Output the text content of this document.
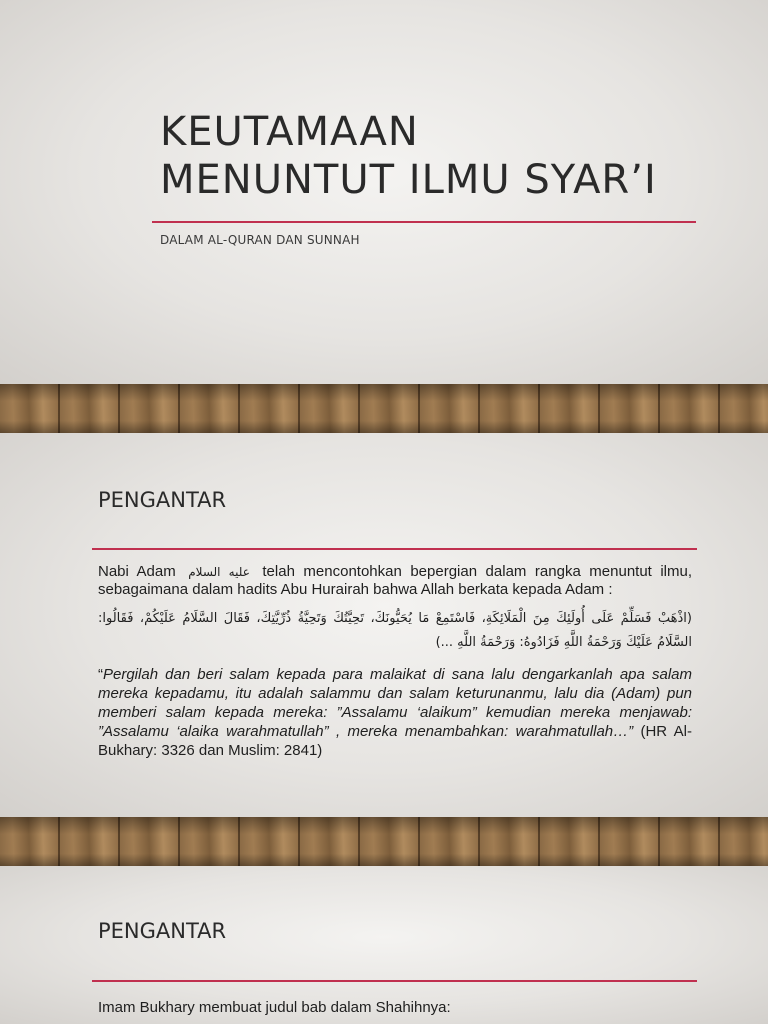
KEUTAMAAN
MENUNTUT ILMU SYAR’I
DALAM AL-QURAN DAN SUNNAH
PENGANTAR
Nabi Adam عليه السلام telah mencontohkan bepergian dalam rangka menuntut ilmu, sebagaimana dalam hadits Abu Hurairah bahwa Allah berkata kepada Adam :
(اذْهَبْ فَسَلِّمْ عَلَى أُولَئِكَ مِنَ الْمَلَائِكَةِ، فَاسْتَمِعْ مَا يُحَيُّونَكَ، تَحِيَّتُكَ وَتَحِيَّةُ ذُرِّيَّتِكَ، فَقَالَ السَّلَامُ عَلَيْكُمْ، فَقَالُوا: السَّلَامُ عَلَيْكَ وَرَحْمَةُ اللَّهِ فَزَادُوهُ: وَرَحْمَةُ اللَّهِ ...)
“Pergilah dan beri salam kepada para malaikat di sana lalu dengarkanlah apa salam mereka kepadamu, itu adalah salammu dan salam keturunanmu, lalu dia (Adam) pun memberi salam kepada mereka: ”Assalamu ‘alaikum” kemudian mereka menjawab: ”Assalamu ‘alaika warahmatullah” , mereka menambahkan: warahmatullah…” (HR Al-Bukhary: 3326 dan Muslim: 2841)
PENGANTAR
Imam Bukhary membuat judul bab dalam Shahihnya:
